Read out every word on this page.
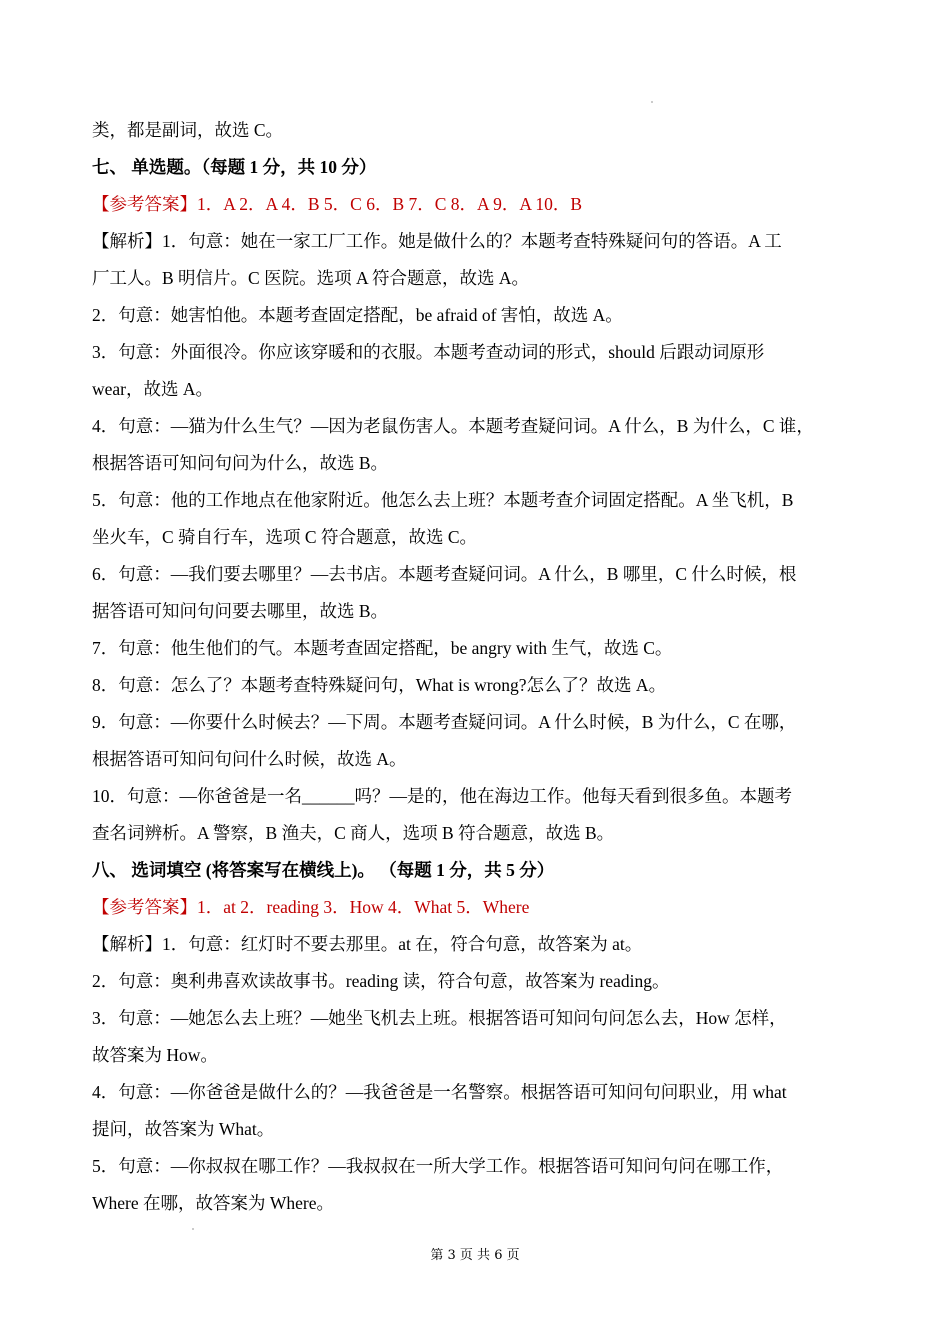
类，都是副词，故选 C。
七、 单选题。（每题 1 分，共 10 分）
【参考答案】1．A 2．A 4．B 5．C 6．B 7．C 8．A 9．A 10．B
【解析】1．句意：她在一家工厂工作。她是做什么的？本题考查特殊疑问句的答语。A 工
厂工人。B 明信片。C 医院。选项 A 符合题意，故选 A。
2．句意：她害怕他。本题考查固定搭配，be afraid of 害怕，故选 A。
3．句意：外面很冷。你应该穿暖和的衣服。本题考查动词的形式，should 后跟动词原形
wear，故选 A。
4．句意：—猫为什么生气？—因为老鼠伤害人。本题考查疑问词。A 什么，B 为什么，C 谁，
根据答语可知问句问为什么，故选 B。
5．句意：他的工作地点在他家附近。他怎么去上班？本题考查介词固定搭配。A 坐飞机，B
坐火车，C 骑自行车，选项 C 符合题意，故选 C。
6．句意：—我们要去哪里？—去书店。本题考查疑问词。A 什么，B 哪里，C 什么时候，根
据答语可知问句问要去哪里，故选 B。
7．句意：他生他们的气。本题考查固定搭配，be angry with 生气，故选 C。
8．句意：怎么了？本题考查特殊疑问句，What is wrong?怎么了？故选 A。
9．句意：—你要什么时候去？—下周。本题考查疑问词。A 什么时候，B 为什么，C 在哪，
根据答语可知问句问什么时候，故选 A。
10．句意：—你爸爸是一名______吗？—是的，他在海边工作。他每天看到很多鱼。本题考
查名词辨析。A 警察，B 渔夫，C 商人，选项 B 符合题意，故选 B。
八、 选词填空 (将答案写在横线上)。 （每题 1 分，共 5 分）
【参考答案】1．at 2．reading 3．How 4．What 5．Where
【解析】1．句意：红灯时不要去那里。at 在，符合句意，故答案为 at。
2．句意：奥利弗喜欢读故事书。reading 读，符合句意，故答案为 reading。
3．句意：—她怎么去上班？—她坐飞机去上班。根据答语可知问句问怎么去，How 怎样，
故答案为 How。
4．句意：—你爸爸是做什么的？—我爸爸是一名警察。根据答语可知问句问职业，用 what
提问，故答案为 What。
5．句意：—你叔叔在哪工作？—我叔叔在一所大学工作。根据答语可知问句问在哪工作，
Where 在哪，故答案为 Where。
第 3 页 共 6 页
